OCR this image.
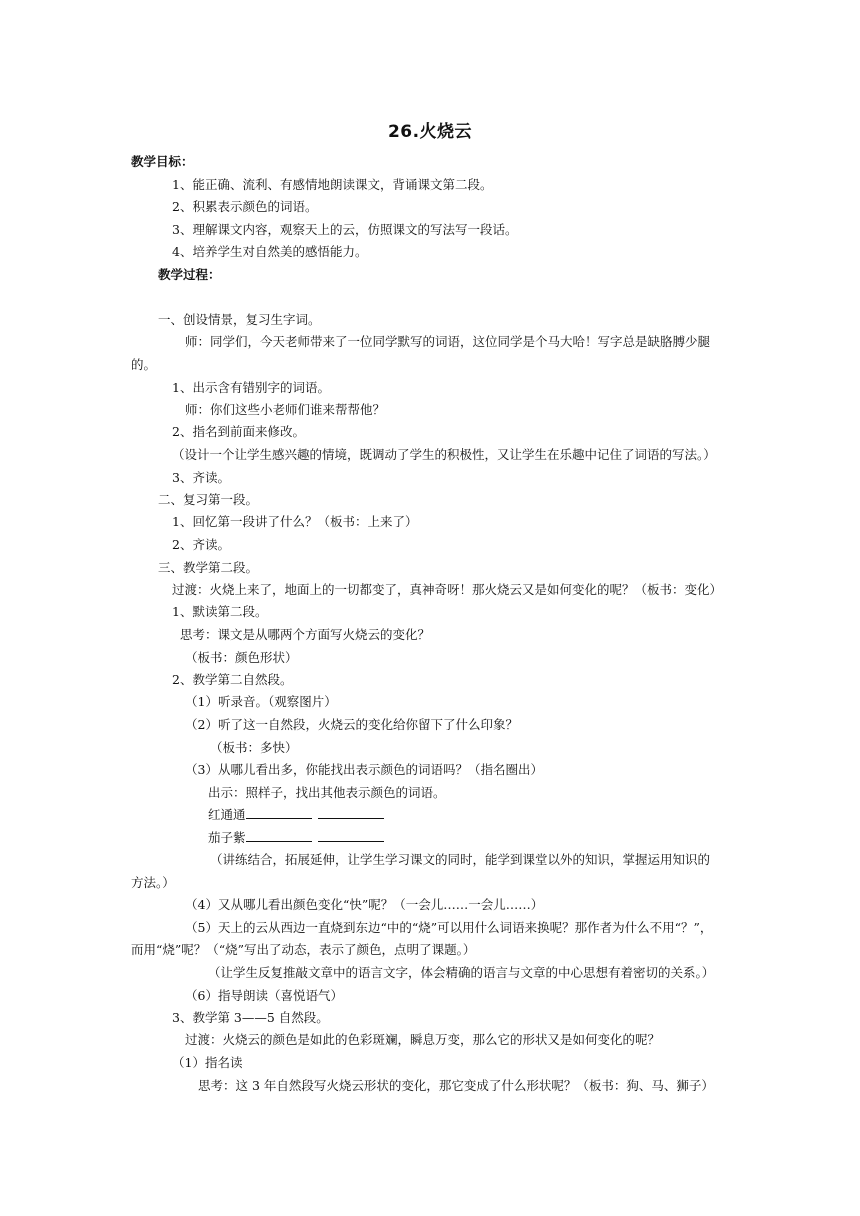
26.火烧云
教学目标：
1、能正确、流利、有感情地朗读课文，背诵课文第二段。
2、积累表示颜色的词语。
3、理解课文内容，观察天上的云，仿照课文的写法写一段话。
4、培养学生对自然美的感悟能力。
教学过程：
一、创设情景，复习生字词。
师：同学们，今天老师带来了一位同学默写的词语，这位同学是个马大哈！写字总是缺胳膊少腿
的。
1、出示含有错别字的词语。
师：你们这些小老师们谁来帮帮他？
2、指名到前面来修改。
（设计一个让学生感兴趣的情境，既调动了学生的积极性，又让学生在乐趣中记住了词语的写法。）
3、齐读。
二、复习第一段。
1、回忆第一段讲了什么？（板书：上来了）
2、齐读。
三、教学第二段。
过渡：火烧上来了，地面上的一切都变了，真神奇呀！那火烧云又是如何变化的呢？（板书：变化）
1、默读第二段。
思考：课文是从哪两个方面写火烧云的变化？
（板书：颜色形状）
2、教学第二自然段。
（1）听录音。（观察图片）
（2）听了这一自然段，火烧云的变化给你留下了什么印象？
（板书：多快）
（3）从哪儿看出多，你能找出表示颜色的词语吗？（指名圈出）
出示：照样子，找出其他表示颜色的词语。
红通通
茄子紫
（讲练结合，拓展延伸，让学生学习课文的同时，能学到课堂以外的知识，掌握运用知识的
方法。）
（4）又从哪儿看出颜色变化“快”呢？（一会儿……一会儿……）
（5）天上的云从西边一直烧到东边“中的“烧”可以用什么词语来换呢？那作者为什么不用“？”，
而用“烧”呢？（“烧”写出了动态，表示了颜色，点明了课题。）
（让学生反复推敲文章中的语言文字，体会精确的语言与文章的中心思想有着密切的关系。）
（6）指导朗读（喜悦语气）
3、教学第 3——5 自然段。
过渡：火烧云的颜色是如此的色彩斑斓，瞬息万变，那么它的形状又是如何变化的呢？
（1）指名读
思考：这 3 年自然段写火烧云形状的变化，那它变成了什么形状呢？（板书：狗、马、狮子）
